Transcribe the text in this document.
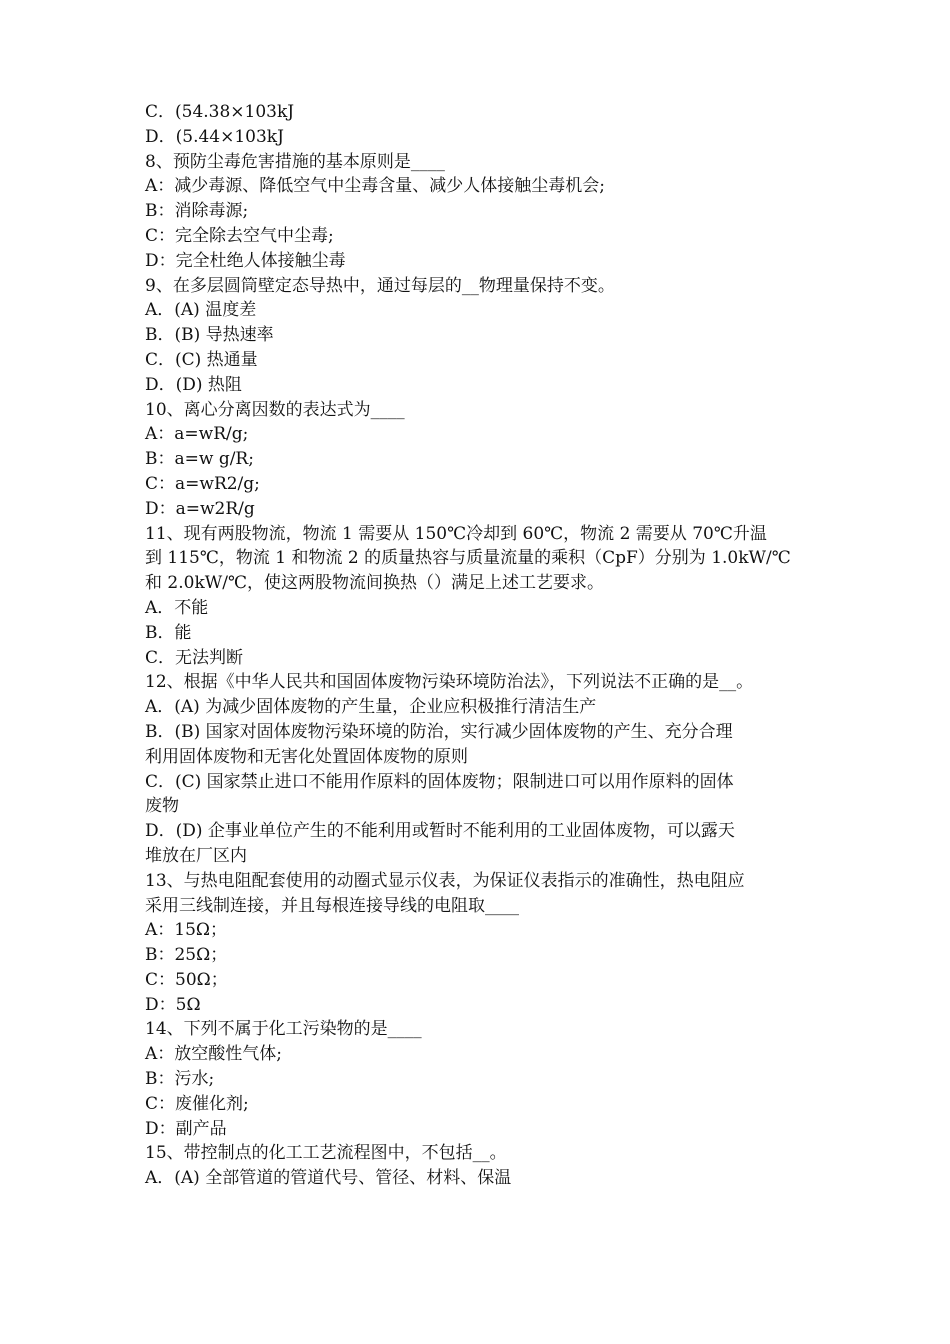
C．(54.38×103kJ
D．(5.44×103kJ
8、预防尘毒危害措施的基本原则是____
A：减少毒源、降低空气中尘毒含量、减少人体接触尘毒机会;
B：消除毒源;
C：完全除去空气中尘毒;
D：完全杜绝人体接触尘毒
9、在多层圆筒壁定态导热中，通过每层的__物理量保持不变。
A．(A) 温度差
B．(B) 导热速率
C．(C) 热通量
D．(D) 热阻
10、离心分离因数的表达式为____
A：a=wR/g;
B：a=w g/R;
C：a=wR2/g;
D：a=w2R/g
11、现有两股物流，物流 1 需要从 150℃冷却到 60℃，物流 2 需要从 70℃升温
到 115℃，物流 1 和物流 2 的质量热容与质量流量的乘积（CpF）分别为 1.0kW/℃
和 2.0kW/℃，使这两股物流间换热（）满足上述工艺要求。
A．不能
B．能
C．无法判断
12、根据《中华人民共和国固体废物污染环境防治法》，下列说法不正确的是__。
A．(A) 为减少固体废物的产生量，企业应积极推行清洁生产
B．(B) 国家对固体废物污染环境的防治，实行减少固体废物的产生、充分合理
利用固体废物和无害化处置固体废物的原则
C．(C) 国家禁止进口不能用作原料的固体废物；限制进口可以用作原料的固体
废物
D．(D) 企事业单位产生的不能利用或暂时不能利用的工业固体废物，可以露天
堆放在厂区内
13、与热电阻配套使用的动圈式显示仪表，为保证仪表指示的准确性，热电阻应
采用三线制连接，并且每根连接导线的电阻取____
A：15Ω；
B：25Ω；
C：50Ω；
D：5Ω
14、下列不属于化工污染物的是____
A：放空酸性气体;
B：污水;
C：废催化剂;
D：副产品
15、带控制点的化工工艺流程图中，不包括__。
A．(A) 全部管道的管道代号、管径、材料、保温
